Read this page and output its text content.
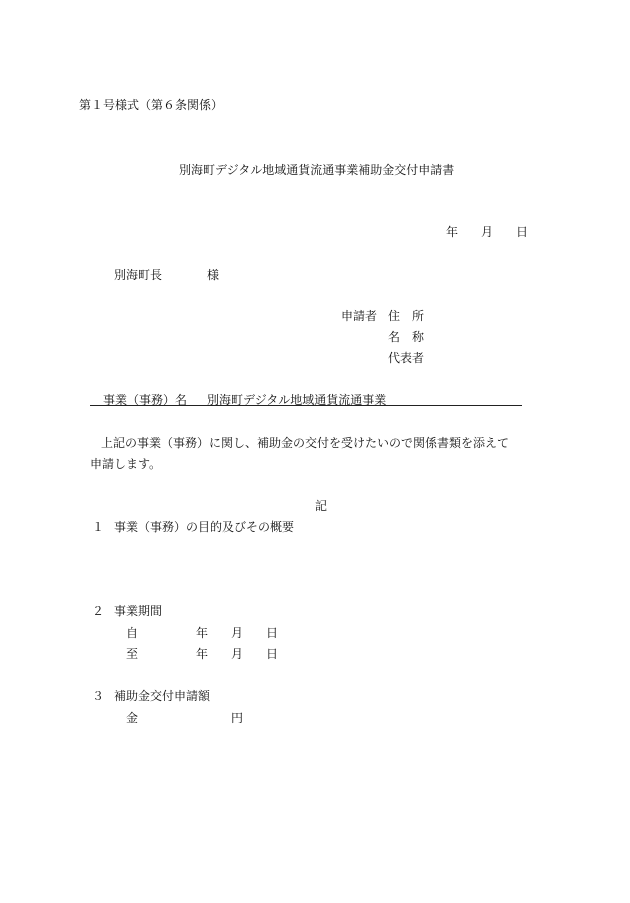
第１号様式（第６条関係）
別海町デジタル地域通貨流通事業補助金交付申請書
年 月 日
別海町長	様
申請者 住　所
名　称
代表者
事業（事務）名 別海町デジタル地域通貨流通事業
上記の事業（事務）に関し、補助金の交付を受けたいので関係書類を添えて
申請します。
記
１ 事業（事務）の目的及びその概要
２ 事業期間
自	年 月 日
至	年 月 日
３ 補助金交付申請額
金	円
